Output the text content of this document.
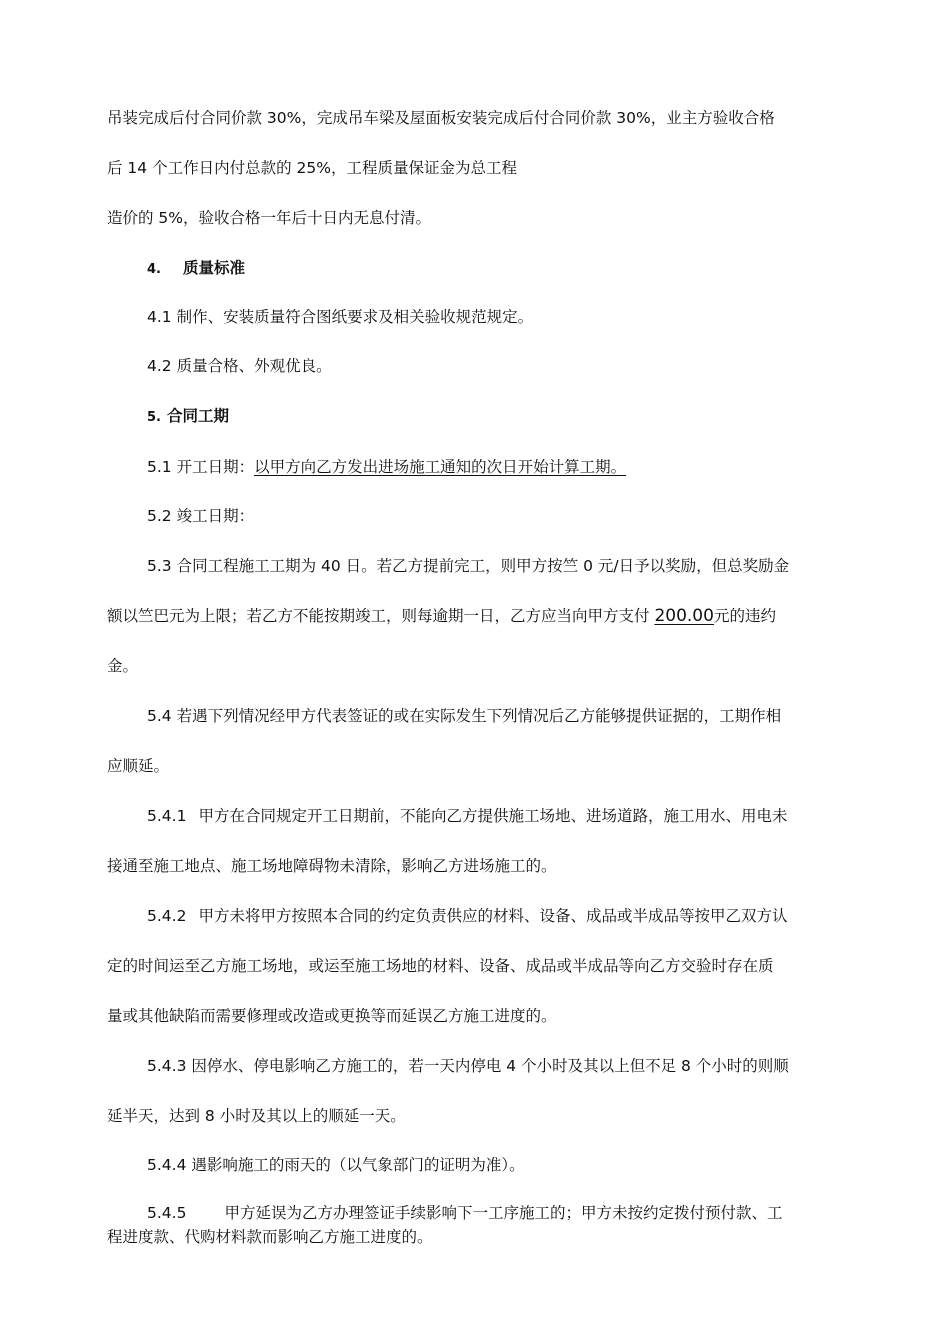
吊装完成后付合同价款 30%，完成吊车梁及屋面板安装完成后付合同价款 30%，业主方验收合格
后 14 个工作日内付总款的 25%，工程质量保证金为总工程
造价的 5%，验收合格一年后十日内无息付清。
4. 质量标准
4.1 制作、安装质量符合图纸要求及相关验收规范规定。
4.2 质量合格、外观优良。
5. 合同工期
5.1 开工日期：以甲方向乙方发出进场施工通知的次日开始计算工期。
5.2 竣工日期：
5.3 合同工程施工工期为 40 日。若乙方提前完工，则甲方按竺 0 元/日予以奖励，但总奖励金
额以竺巴元为上限；若乙方不能按期竣工，则每逾期一日，乙方应当向甲方支付 200.00元的违约
金。
5.4 若遇下列情况经甲方代表签证的或在实际发生下列情况后乙方能够提供证据的，工期作相
应顺延。
5.4.1 甲方在合同规定开工日期前，不能向乙方提供施工场地、进场道路，施工用水、用电未
接通至施工地点、施工场地障碍物未清除，影响乙方进场施工的。
5.4.2 甲方未将甲方按照本合同的约定负责供应的材料、设备、成品或半成品等按甲乙双方认
定的时间运至乙方施工场地，或运至施工场地的材料、设备、成品或半成品等向乙方交验时存在质
量或其他缺陷而需要修理或改造或更换等而延误乙方施工进度的。
5.4.3 因停水、停电影响乙方施工的，若一天内停电 4 个小时及其以上但不足 8 个小时的则顺
延半天，达到 8 小时及其以上的顺延一天。
5.4.4 遇影响施工的雨天的（以气象部门的证明为准）。
5.4.5 甲方延误为乙方办理签证手续影响下一工序施工的；甲方未按约定拨付预付款、工
程进度款、代购材料款而影响乙方施工进度的。
